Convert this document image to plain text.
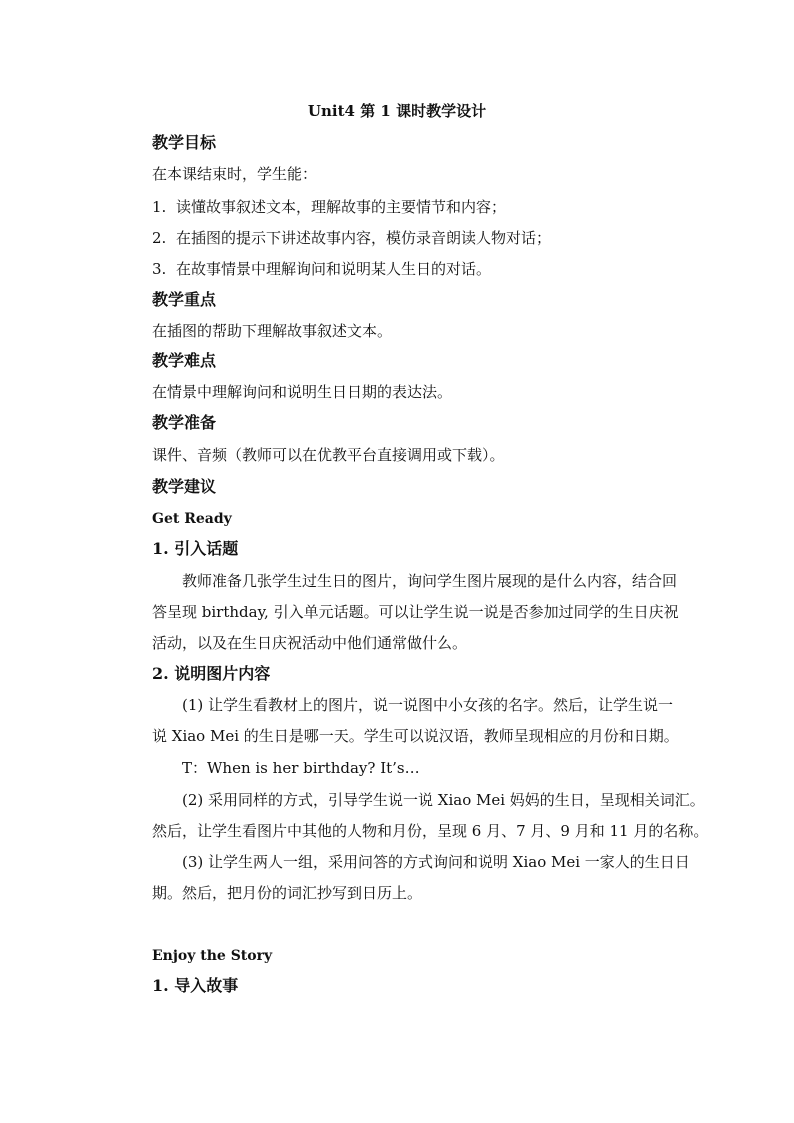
Unit4 第 1 课时教学设计
教学目标
在本课结束时，学生能：
1. 读懂故事叙述文本，理解故事的主要情节和内容；
2. 在插图的提示下讲述故事内容，模仿录音朗读人物对话；
3. 在故事情景中理解询问和说明某人生日的对话。
教学重点
在插图的帮助下理解故事叙述文本。
教学难点
在情景中理解询问和说明生日日期的表达法。
教学准备
课件、音频（教师可以在优教平台直接调用或下载）。
教学建议
Get Ready
1. 引入话题
教师准备几张学生过生日的图片，询问学生图片展现的是什么内容，结合回
答呈现 birthday, 引入单元话题。可以让学生说一说是否参加过同学的生日庆祝
活动，以及在生日庆祝活动中他们通常做什么。
2. 说明图片内容
(1) 让学生看教材上的图片，说一说图中小女孩的名字。然后，让学生说一
说 Xiao Mei 的生日是哪一天。学生可以说汉语，教师呈现相应的月份和日期。
T：When is her birthday? It’s…
(2) 采用同样的方式，引导学生说一说 Xiao Mei 妈妈的生日，呈现相关词汇。
然后，让学生看图片中其他的人物和月份，呈现 6 月、7 月、9 月和 11 月的名称。
(3) 让学生两人一组，采用问答的方式询问和说明 Xiao Mei 一家人的生日日
期。然后，把月份的词汇抄写到日历上。
Enjoy the Story
1. 导入故事
